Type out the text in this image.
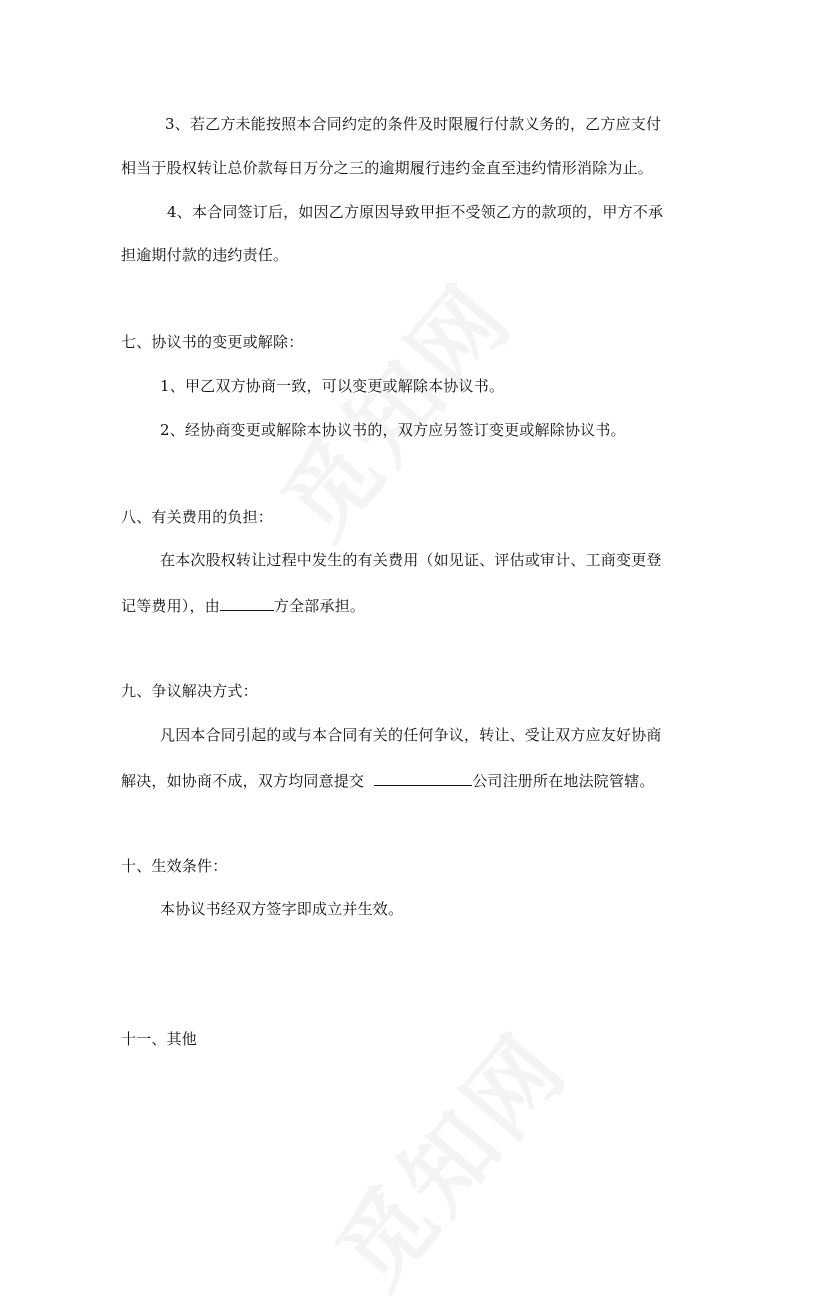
3、若乙方未能按照本合同约定的条件及时限履行付款义务的，乙方应支付
相当于股权转让总价款每日万分之三的逾期履行违约金直至违约情形消除为止。
4、本合同签订后，如因乙方原因导致甲拒不受领乙方的款项的，甲方不承
担逾期付款的违约责任。
七、协议书的变更或解除：
1、甲乙双方协商一致，可以变更或解除本协议书。
2、经协商变更或解除本协议书的，双方应另签订变更或解除协议书。
八、有关费用的负担：
在本次股权转让过程中发生的有关费用（如见证、评估或审计、工商变更登
记等费用），由	方全部承担。
九、争议解决方式：
凡因本合同引起的或与本合同有关的任何争议，转让、受让双方应友好协商
解决，如协商不成，双方均同意提交	公司注册所在地法院管辖。
十、生效条件：
本协议书经双方签字即成立并生效。
十一、其他
